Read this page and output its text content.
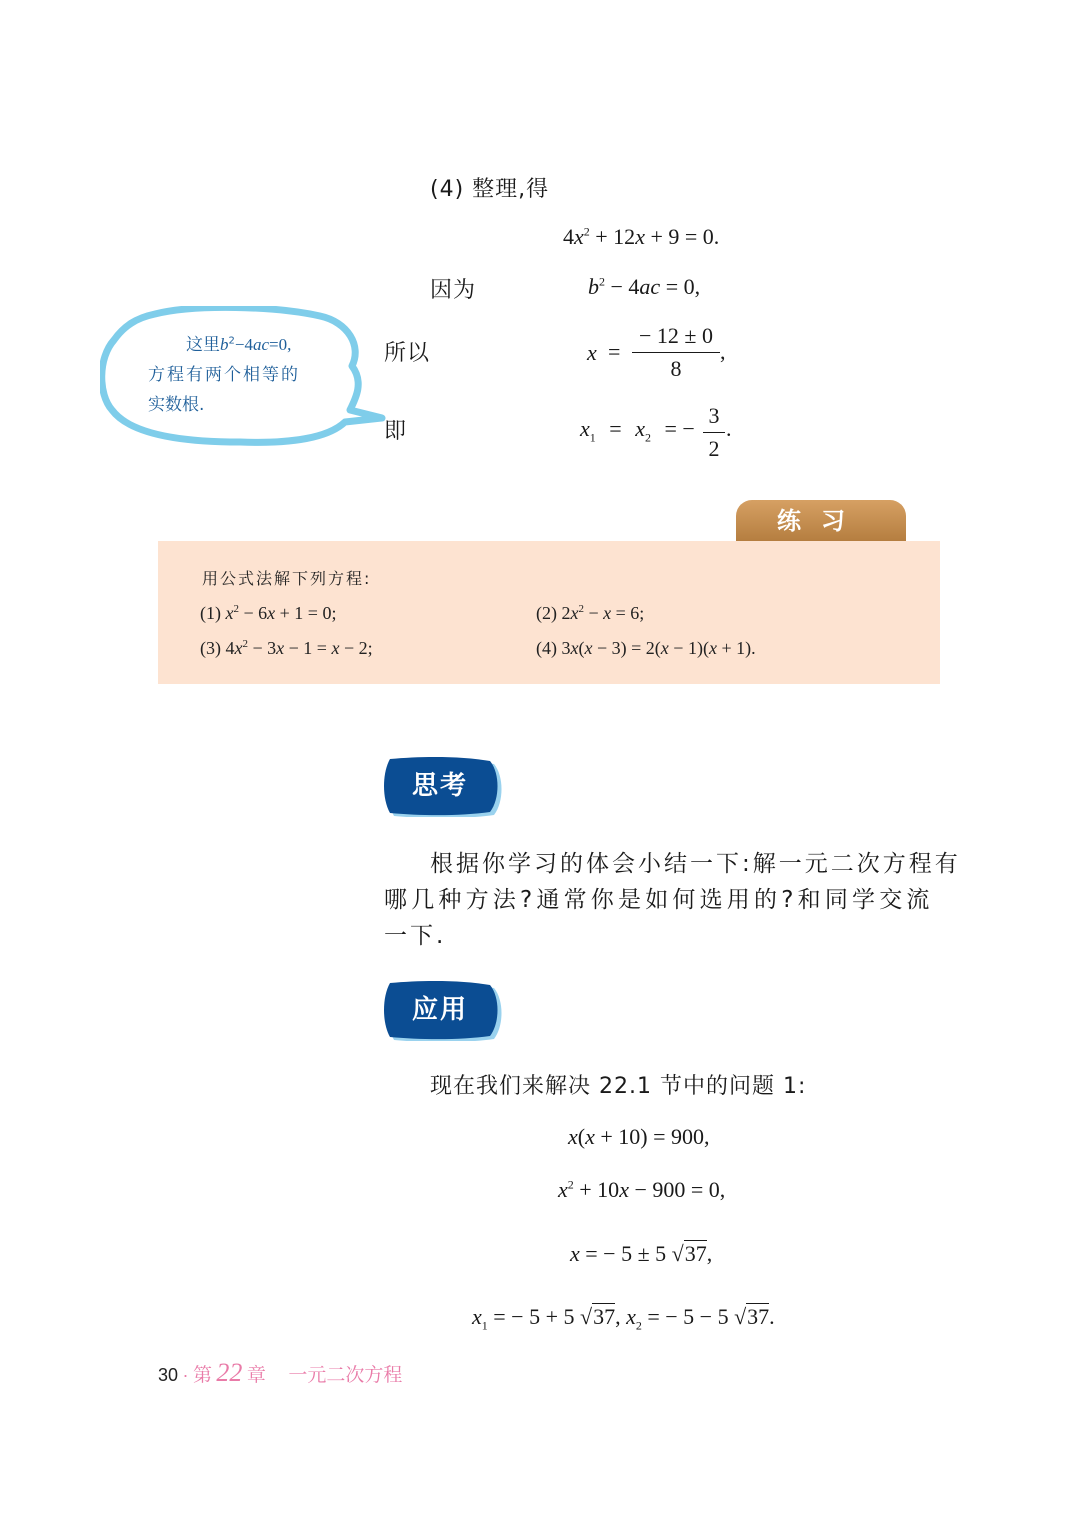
(4) 整理,得
$4x^2 + 12x + 9 = 0$.
因为	$b^2 - 4ac = 0$,
所以	x =
− 12 ± 0
8
,
即	$x_1 = x_2$ = −
3
2
.
这里$b^2-4ac=0$,
方程有两个相等的
实数根.
练习
用公式法解下列方程:
(1) $x^2 - 6x + 1 = 0$;	(2) $2x^2 - x = 6$;
(3) $4x^2 - 3x - 1 = x - 2$;	(4) 3x(x − 3) = 2(x − 1)(x + 1).
思考
根据你学习的体会小结一下:解一元二次方程有
哪几种方法?通常你是如何选用的?和同学交流
一下.
应用
现在我们来解决 22.1 节中的问题 1:
x(x + 10) = 900,
$x^2 + 10x - 900 = 0$,
x = − 5 ± 5 √37,
$x_1$ = − 5 + 5 √37, $x_2$ = − 5 − 5 √37.
30 · 第 22 章 一元二次方程
